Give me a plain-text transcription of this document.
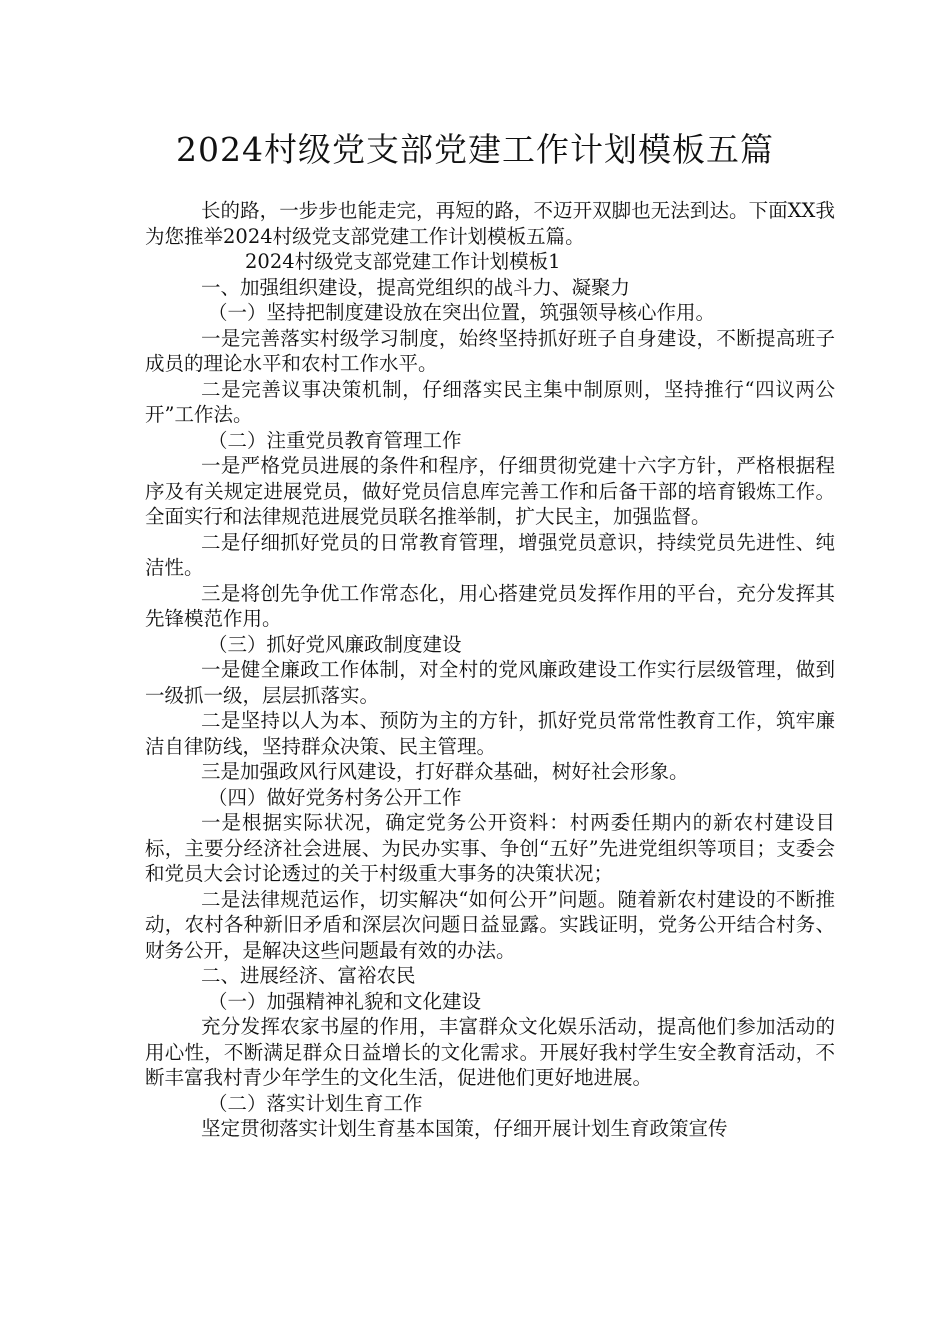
2024村级党支部党建工作计划模板五篇

长的路，一步步也能走完，再短的路，不迈开双脚也无法到达。下面XX我为您推举2024村级党支部党建工作计划模板五篇。

2024村级党支部党建工作计划模板1

一、加强组织建设，提高党组织的战斗力、凝聚力

（一）坚持把制度建设放在突出位置，筑强领导核心作用。

一是完善落实村级学习制度，始终坚持抓好班子自身建设，不断提高班子成员的理论水平和农村工作水平。

二是完善议事决策机制，仔细落实民主集中制原则，坚持推行“四议两公开”工作法。

（二）注重党员教育管理工作

一是严格党员进展的条件和程序，仔细贯彻党建十六字方针，严格根据程序及有关规定进展党员，做好党员信息库完善工作和后备干部的培育锻炼工作。全面实行和法律规范进展党员联名推举制，扩大民主，加强监督。

二是仔细抓好党员的日常教育管理，增强党员意识，持续党员先进性、纯洁性。

三是将创先争优工作常态化，用心搭建党员发挥作用的平台，充分发挥其先锋模范作用。

（三）抓好党风廉政制度建设

一是健全廉政工作体制，对全村的党风廉政建设工作实行层级管理，做到一级抓一级，层层抓落实。

二是坚持以人为本、预防为主的方针，抓好党员常常性教育工作，筑牢廉洁自律防线，坚持群众决策、民主管理。

三是加强政风行风建设，打好群众基础，树好社会形象。

（四）做好党务村务公开工作

一是根据实际状况，确定党务公开资料：村两委任期内的新农村建设目标，主要分经济社会进展、为民办实事、争创“五好”先进党组织等项目；支委会和党员大会讨论透过的关于村级重大事务的决策状况；

二是法律规范运作，切实解决“如何公开”问题。随着新农村建设的不断推动，农村各种新旧矛盾和深层次问题日益显露。实践证明，党务公开结合村务、财务公开，是解决这些问题最有效的办法。

二、进展经济、富裕农民

（一）加强精神礼貌和文化建设

充分发挥农家书屋的作用，丰富群众文化娱乐活动，提高他们参加活动的用心性，不断满足群众日益增长的文化需求。开展好我村学生安全教育活动，不断丰富我村青少年学生的文化生活，促进他们更好地进展。

（二）落实计划生育工作

坚定贯彻落实计划生育基本国策，仔细开展计划生育政策宣传
